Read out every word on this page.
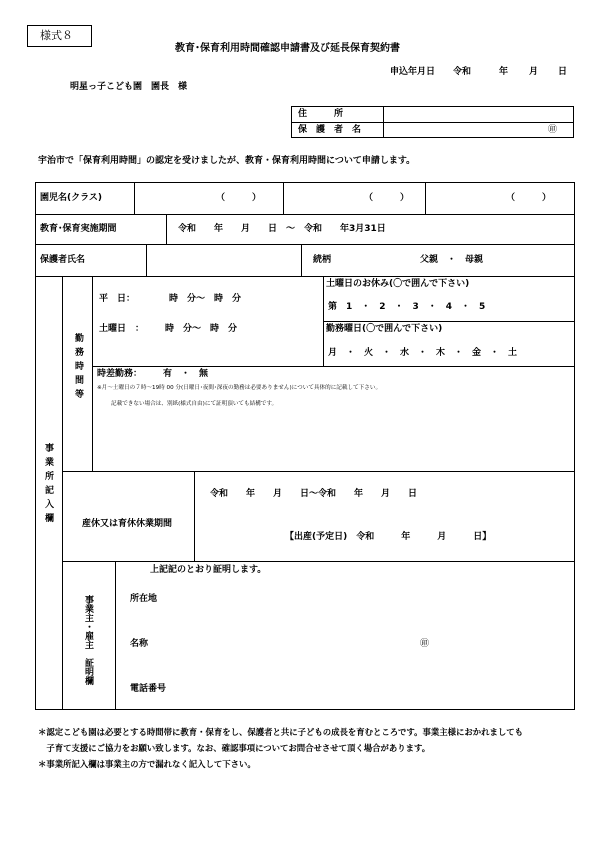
様式８
教育･保育利用時間確認申請書及び延長保育契約書
申込年月日 令和	年 月 日
明星っ子こども園　園長　様
住　　　所
保　護　者　名	㊞
宇治市で「保育利用時間」の認定を受けましたが、教育・保育利用時間について申請します。
園児名(クラス)	（　　　）	（　　　）	（　　　）
教育･保育実施期間	令和　　年　　月　　日　～　令和　　年3月31日
保護者氏名	続柄	父親　・　母親
事業所記入欄
勤務時間等
平　日：	時　分～　時　分
土曜日　： 時　分～　時　分
土曜日のお休み(〇で囲んで下さい)
第　1　・　2　・　3　・　4　・　5
勤務曜日(〇で囲んで下さい)
月　・　火　・　水　・　木　・　金　・　土
時差勤務： 有　・　無
※月～土曜日の７時～19時 00 分(日曜日･夜間･深夜の勤務は必要ありません)について具体的に記載して下さい。
記載できない場合は、別紙(様式自由)にて証明頂いても結構です。
産休又は育休休業期間
令和　　年　　月　　日～令和　　年　　月　　日
【出産(予定日)　令和　　　年　　　月　　　日】
事業主･雇主　証明欄
上記記のとおり証明します。
所在地
名称	㊞
電話番号
＊認定こども園は必要とする時間帯に教育・保育をし、保護者と共に子どもの成長を育むところです。事業主様におかれましても
　子育て支援にご協力をお願い致します。なお、確認事項についてお問合せさせて頂く場合があります。
＊事業所記入欄は事業主の方で漏れなく記入して下さい。
